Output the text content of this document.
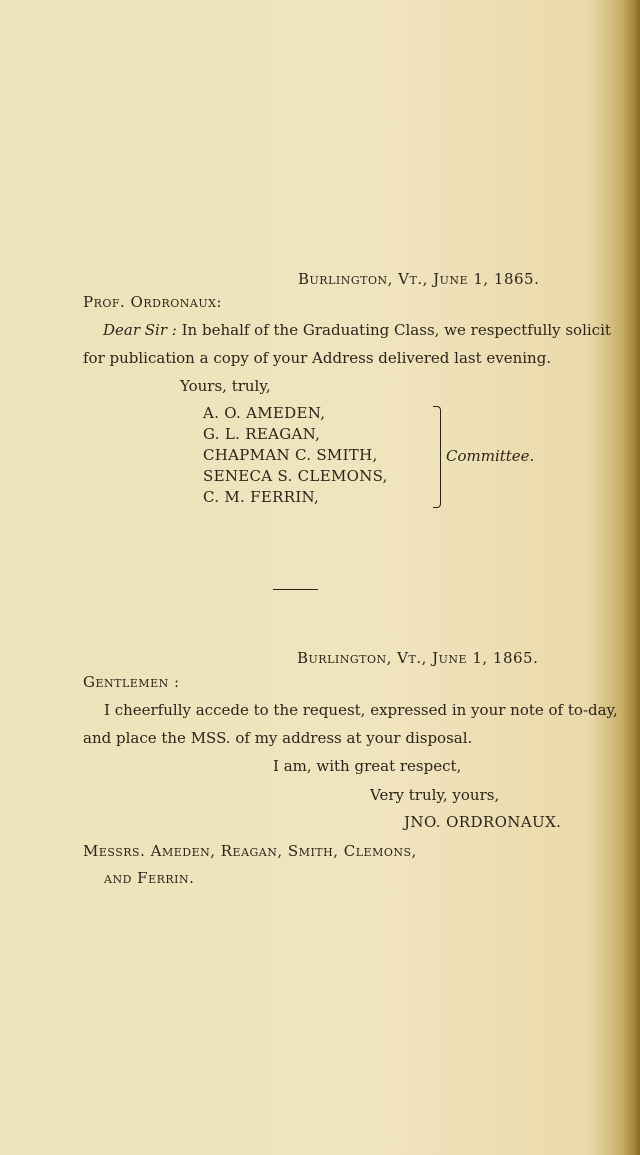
Burlington, Vt., June 1, 1865.
Prof. Ordronaux:
Dear Sir : In behalf of the Graduating Class, we respectfully solicit
for publication a copy of your Address delivered last evening.
Yours, truly,
A. O. AMEDEN,
G. L. REAGAN,
CHAPMAN C. SMITH,
SENECA S. CLEMONS,
C. M. FERRIN,
Committee.
Burlington, Vt., June 1, 1865.
Gentlemen :
I cheerfully accede to the request, expressed in your note of to-day,
and place the MSS. of my address at your disposal.
I am, with great respect,
Very truly, yours,
JNO. ORDRONAUX.
Messrs. Ameden, Reagan, Smith, Clemons,
and Ferrin.
